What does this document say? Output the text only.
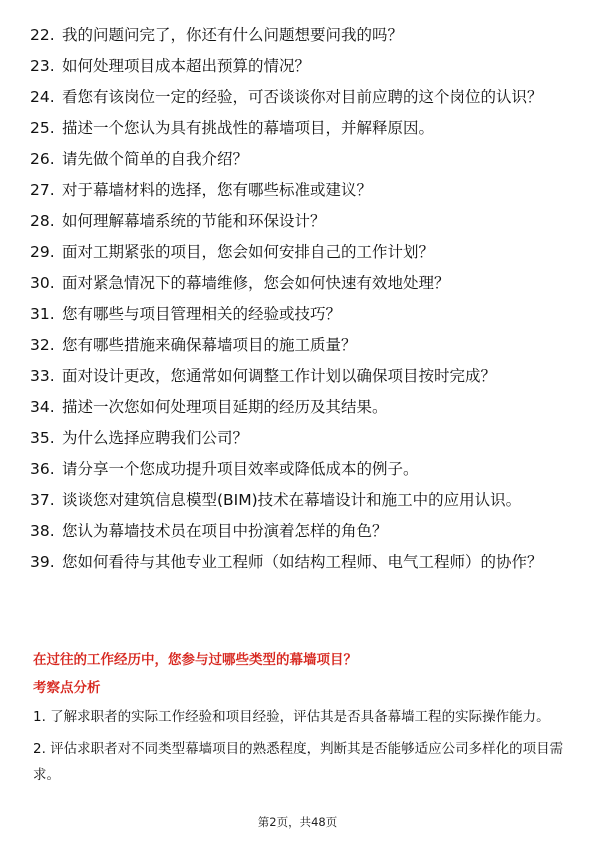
22. 我的问题问完了，你还有什么问题想要问我的吗？
23. 如何处理项目成本超出预算的情况？
24. 看您有该岗位一定的经验，可否谈谈你对目前应聘的这个岗位的认识？
25. 描述一个您认为具有挑战性的幕墙项目，并解释原因。
26. 请先做个简单的自我介绍？
27. 对于幕墙材料的选择，您有哪些标准或建议？
28. 如何理解幕墙系统的节能和环保设计？
29. 面对工期紧张的项目，您会如何安排自己的工作计划？
30. 面对紧急情况下的幕墙维修，您会如何快速有效地处理？
31. 您有哪些与项目管理相关的经验或技巧？
32. 您有哪些措施来确保幕墙项目的施工质量？
33. 面对设计更改，您通常如何调整工作计划以确保项目按时完成？
34. 描述一次您如何处理项目延期的经历及其结果。
35. 为什么选择应聘我们公司？
36. 请分享一个您成功提升项目效率或降低成本的例子。
37. 谈谈您对建筑信息模型(BIM)技术在幕墙设计和施工中的应用认识。
38. 您认为幕墙技术员在项目中扮演着怎样的角色？
39. 您如何看待与其他专业工程师（如结构工程师、电气工程师）的协作？
在过往的工作经历中，您参与过哪些类型的幕墙项目？
考察点分析
1. 了解求职者的实际工作经验和项目经验，评估其是否具备幕墙工程的实际操作能力。
2. 评估求职者对不同类型幕墙项目的熟悉程度，判断其是否能够适应公司多样化的项目需求。
第2页，共48页
